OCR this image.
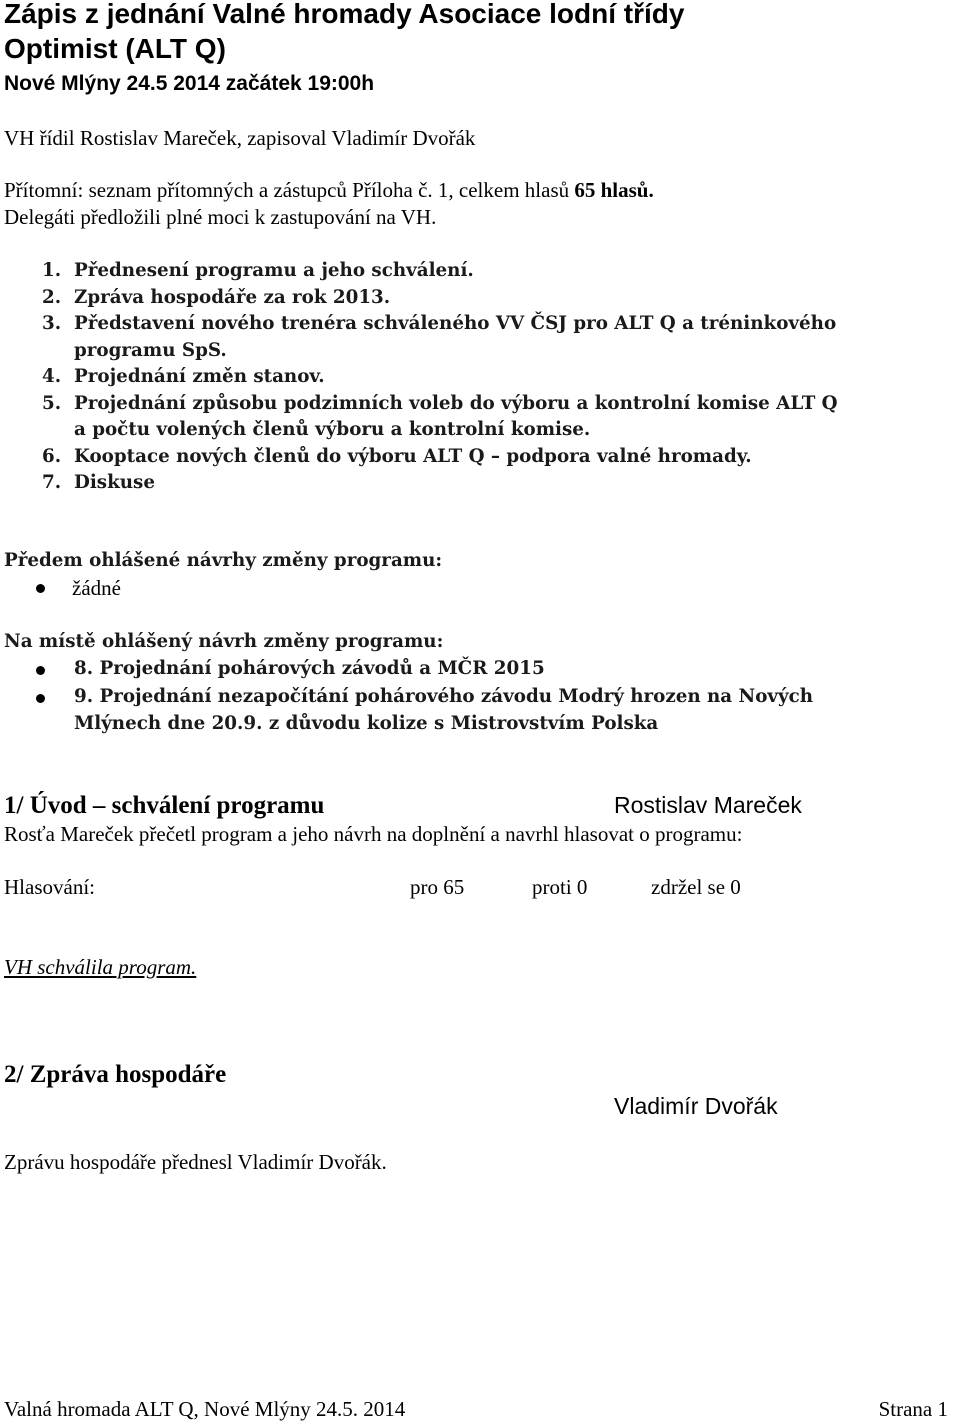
Zápis z jednání Valné hromady Asociace lodní třídy Optimist (ALT Q)
Nové Mlýny 24.5 2014 začátek 19:00h
VH řídil Rostislav Mareček, zapisoval Vladimír Dvořák
Přítomní: seznam přítomných a zástupců Příloha č. 1, celkem hlasů 65 hlasů.
Delegáti předložili plné moci k zastupování na VH.
1. Přednesení programu a jeho schválení.
2. Zpráva hospodáře za rok 2013.
3. Představení nového trenéra schváleného VV ČSJ pro ALT Q a tréninkového
programu SpS.
4. Projednání změn stanov.
5. Projednání způsobu podzimních voleb do výboru a kontrolní komise ALT Q
a počtu volených členů výboru a kontrolní komise.
6. Kooptace nových členů do výboru ALT Q – podpora valné hromady.
7. Diskuse
Předem ohlášené návrhy změny programu:
žádné
Na místě ohlášený návrh změny programu:
8. Projednání pohárových závodů a MČR 2015
9. Projednání nezapočítání pohárového závodu Modrý hrozen na Nových
Mlýnech dne 20.9. z důvodu kolize s Mistrovstvím Polska
1/ Úvod – schválení programu	Rostislav Mareček
Rosťa Mareček přečetl program a jeho návrh na doplnění a navrhl hlasovat o programu:
Hlasování:	pro 65	proti 0	zdržel se 0
VH schválila program.
2/ Zpráva hospodáře
Vladimír Dvořák
Zprávu hospodáře přednesl Vladimír Dvořák.
Valná hromada ALT Q, Nové Mlýny 24.5. 2014	Strana 1
